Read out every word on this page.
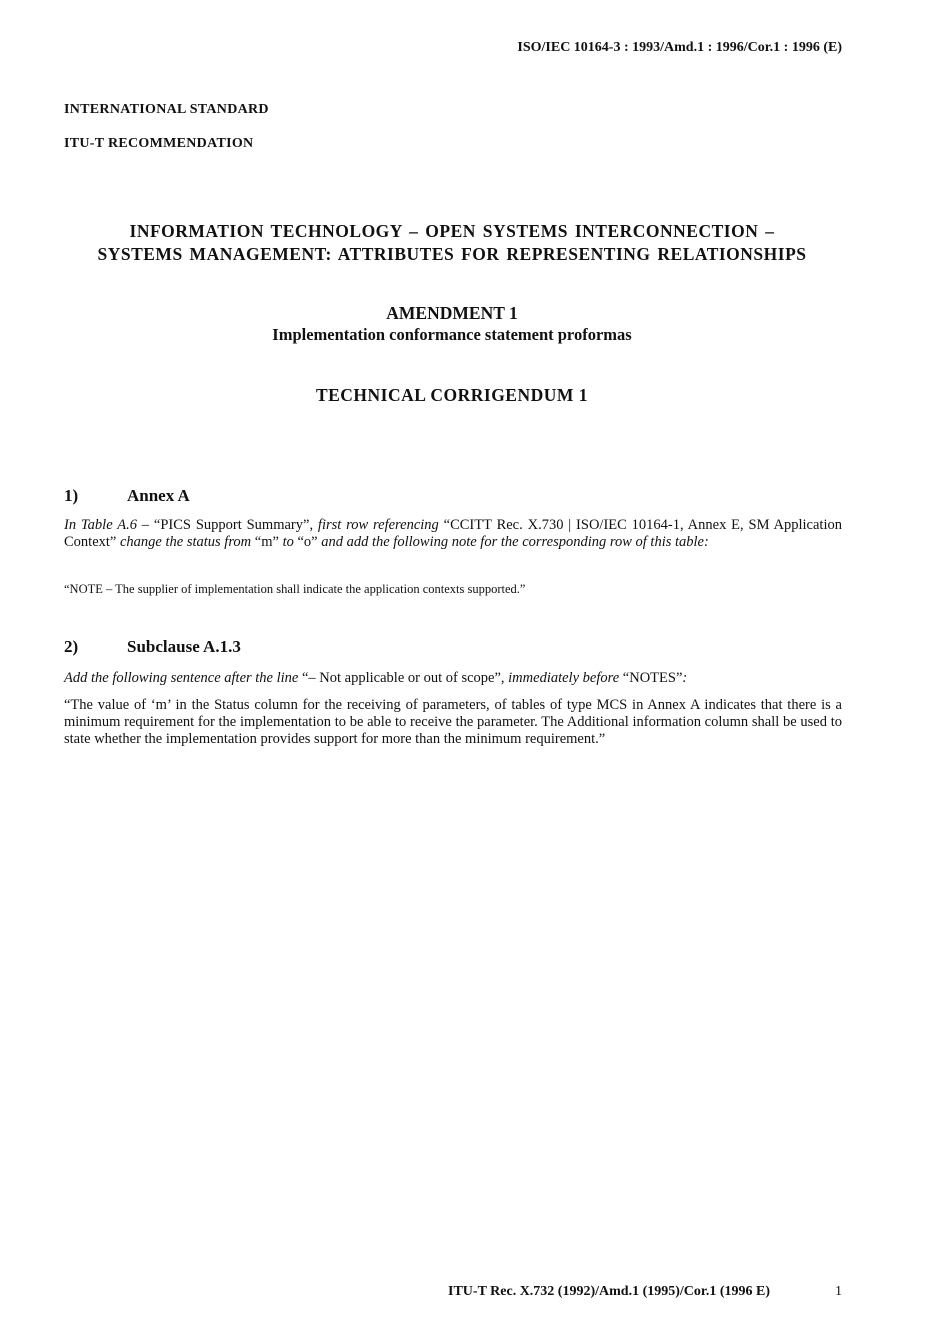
ISO/IEC 10164-3 : 1993/Amd.1 : 1996/Cor.1 : 1996 (E)
INTERNATIONAL STANDARD
ITU-T RECOMMENDATION
INFORMATION TECHNOLOGY – OPEN SYSTEMS INTERCONNECTION –
SYSTEMS MANAGEMENT: ATTRIBUTES FOR REPRESENTING RELATIONSHIPS
AMENDMENT 1
Implementation conformance statement proformas
TECHNICAL CORRIGENDUM 1
1)	Annex A
In Table A.6 – “PICS Support Summary”, first row referencing “CCITT Rec. X.730 | ISO/IEC 10164-1, Annex E, SM Application Context” change the status from “m” to “o” and add the following note for the corresponding row of this table:
“NOTE – The supplier of implementation shall indicate the application contexts supported.”
2)	Subclause A.1.3
Add the following sentence after the line “– Not applicable or out of scope”, immediately before “NOTES”:
“The value of ‘m’ in the Status column for the receiving of parameters, of tables of type MCS in Annex A indicates that there is a minimum requirement for the implementation to be able to receive the parameter. The Additional information column shall be used to state whether the implementation provides support for more than the minimum requirement.”
ITU-T Rec. X.732 (1992)/Amd.1 (1995)/Cor.1 (1996 E)	1
